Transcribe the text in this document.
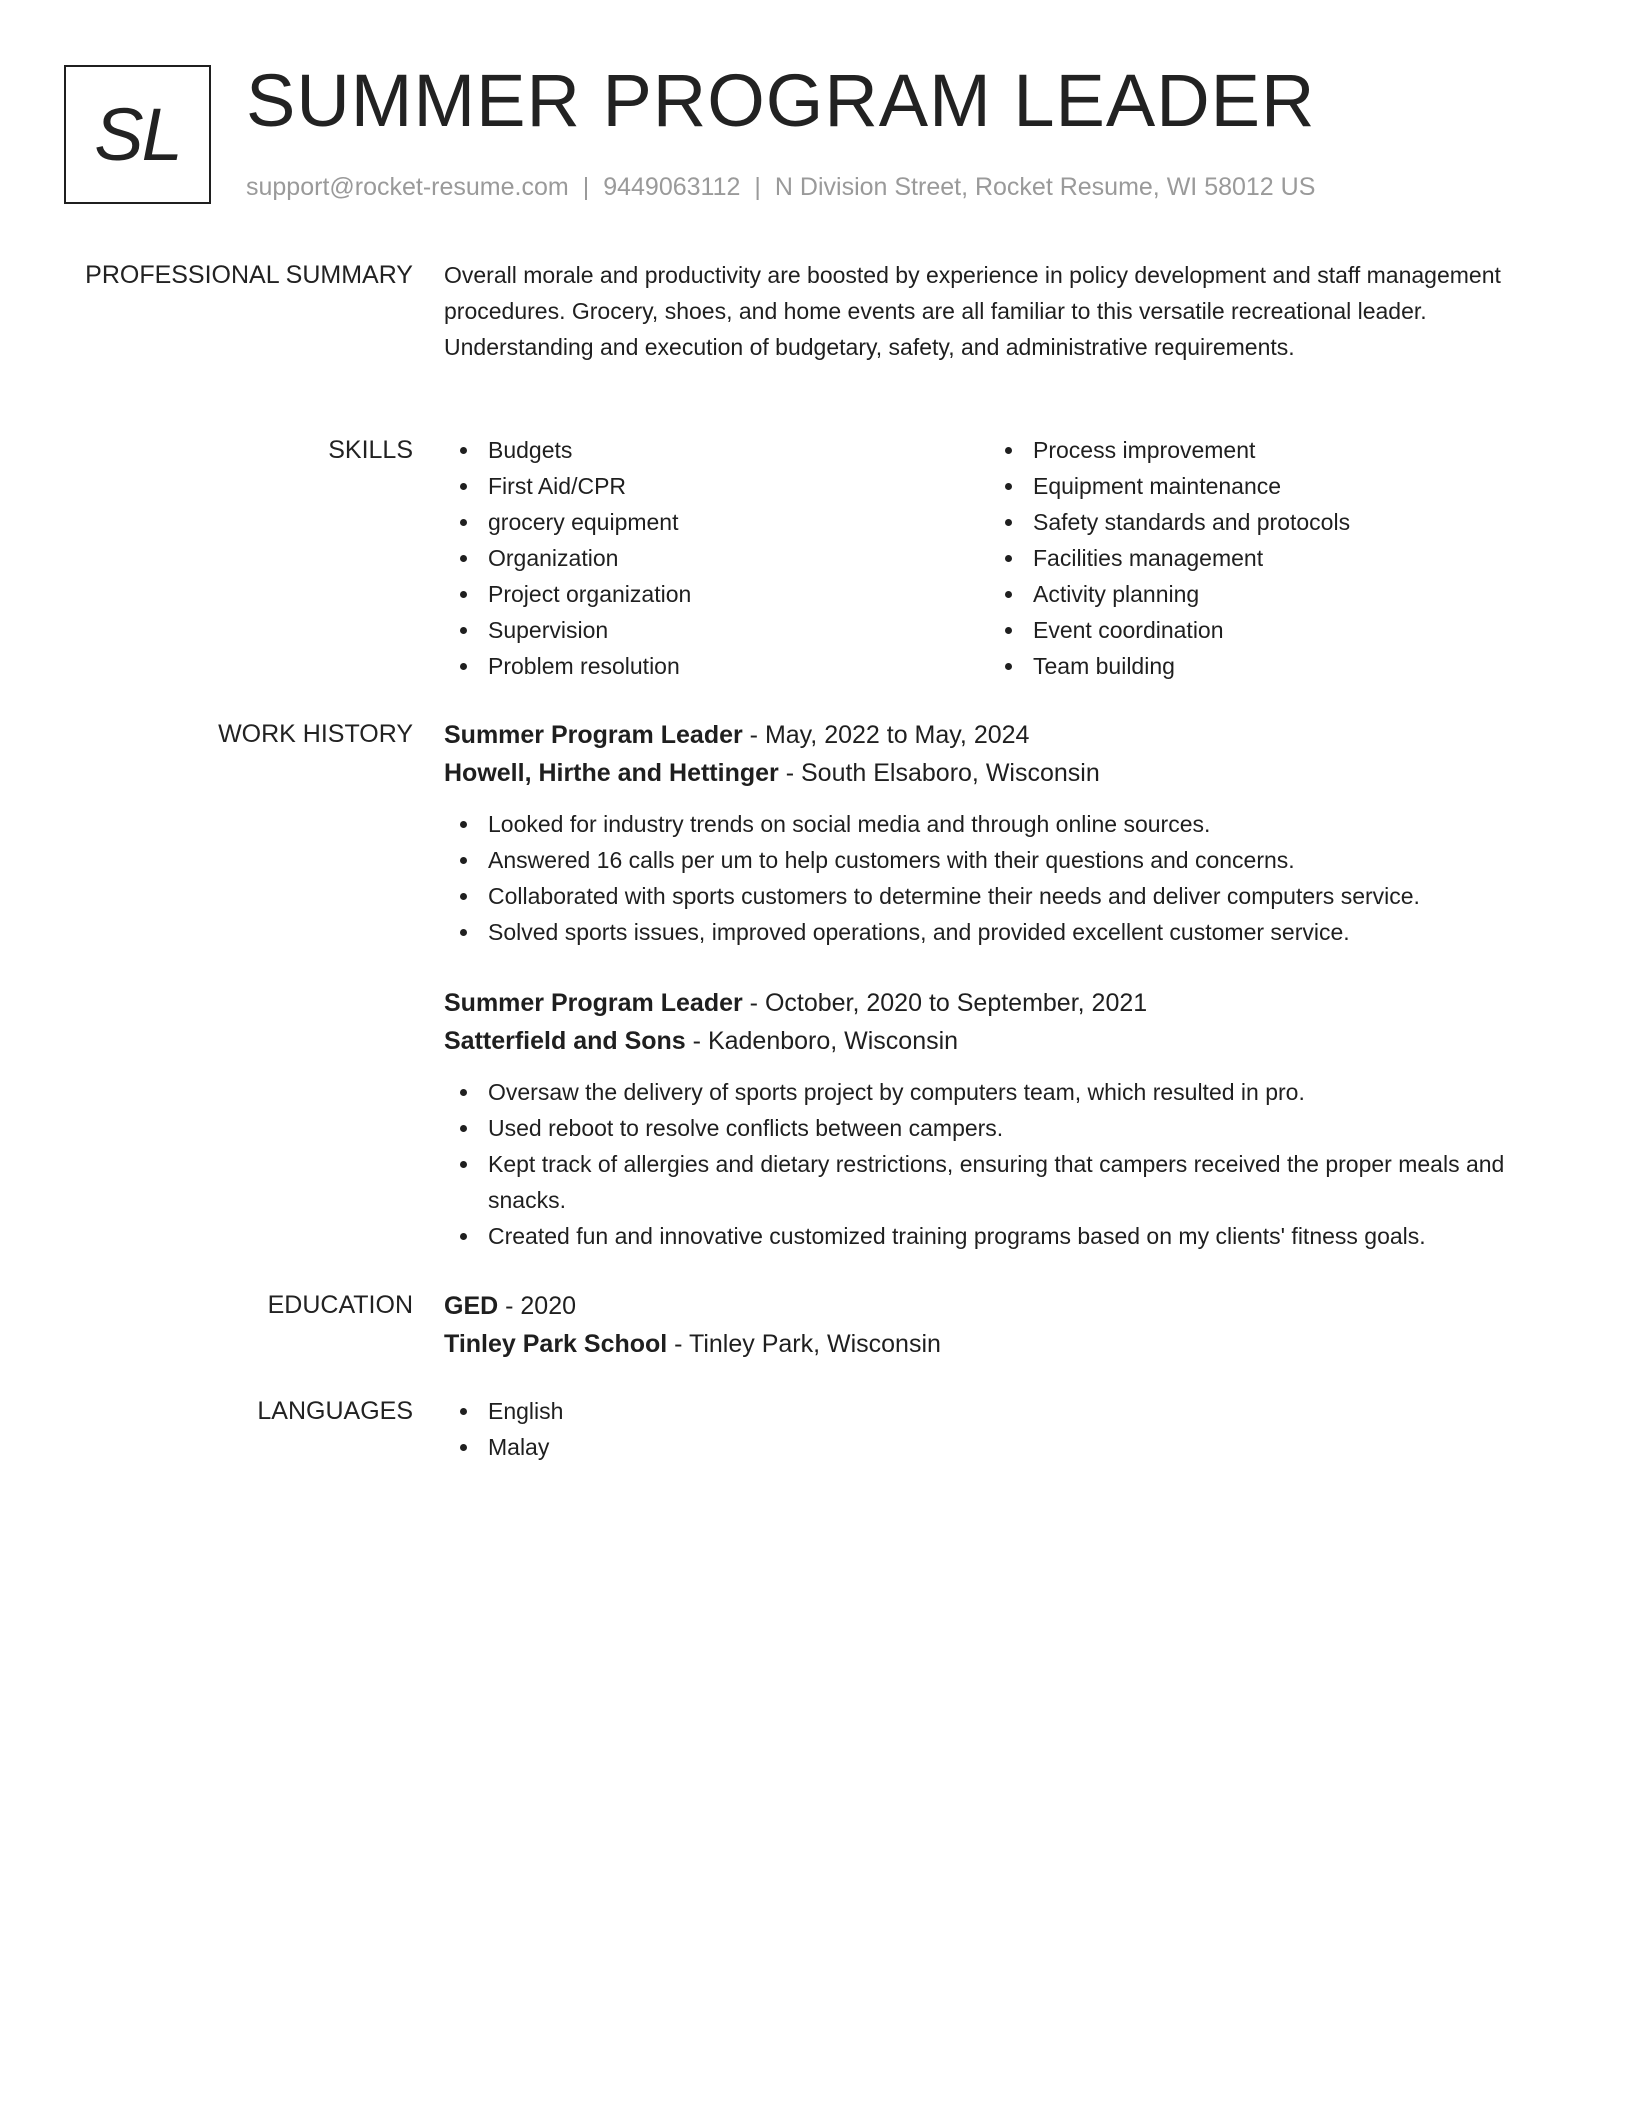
SL SUMMER PROGRAM LEADER
support@rocket-resume.com | 9449063112 | N Division Street, Rocket Resume, WI 58012 US
PROFESSIONAL SUMMARY Overall morale and productivity are boosted by experience in policy development and staff management procedures. Grocery, shoes, and home events are all familiar to this versatile recreational leader. Understanding and execution of budgetary, safety, and administrative requirements.

SKILLS	Budgets
First Aid/CPR
grocery equipment
Organization
Project organization
Supervision
Problem resolution
Process improvement
Equipment maintenance
Safety standards and protocols
Facilities management
Activity planning
Event coordination
Team building
WORK HISTORY Summer Program Leader - May, 2022 to May, 2024
Howell, Hirthe and Hettinger - South Elsaboro, Wisconsin
Looked for industry trends on social media and through online sources.
Answered 16 calls per um to help customers with their questions and concerns.
Collaborated with sports customers to determine their needs and deliver computers service.
Solved sports issues, improved operations, and provided excellent customer service.
Summer Program Leader - October, 2020 to September, 2021
Satterfield and Sons - Kadenboro, Wisconsin
Oversaw the delivery of sports project by computers team, which resulted in pro.
Used reboot to resolve conflicts between campers.
Kept track of allergies and dietary restrictions, ensuring that campers received the proper meals and snacks.
Created fun and innovative customized training programs based on my clients' fitness goals.
EDUCATION GED - 2020
Tinley Park School - Tinley Park, Wisconsin
LANGUAGES	English
Malay
